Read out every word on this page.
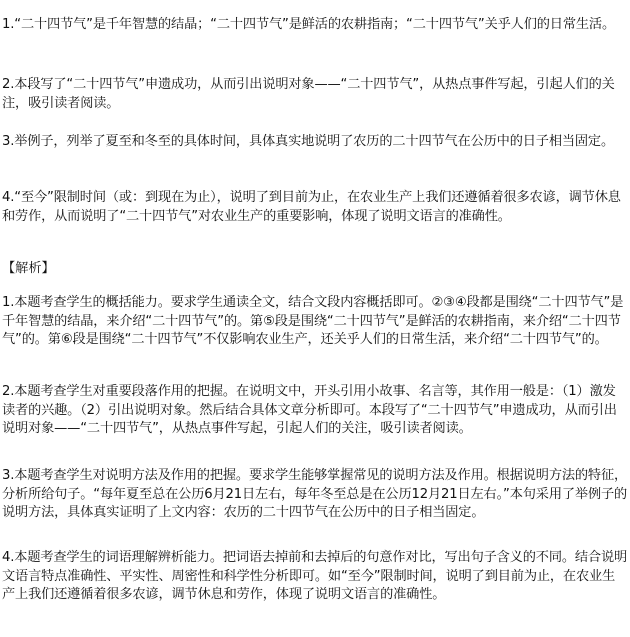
1.“二十四节气”是千年智慧的结晶；“二十四节气”是鲜活的农耕指南；“二十四节气”关乎人们的日常生活。

2.本段写了“二十四节气”申遗成功，从而引出说明对象——“二十四节气”，从热点事件写起，引起人们的关注，吸引读者阅读。

3.举例子，列举了夏至和冬至的具体时间，具体真实地说明了农历的二十四节气在公历中的日子相当固定。

4.“至今”限制时间（或：到现在为止），说明了到目前为止，在农业生产上我们还遵循着很多农谚，调节休息和劳作，从而说明了“二十四节气”对农业生产的重要影响，体现了说明文语言的准确性。

【解析】

1.本题考查学生的概括能力。要求学生通读全文，结合文段内容概括即可。②③④段都是围绕“二十四节气”是千年智慧的结晶，来介绍“二十四节气”的。第⑤段是围绕“二十四节气”是鲜活的农耕指南，来介绍“二十四节气”的。第⑥段是围绕“二十四节气”不仅影响农业生产，还关乎人们的日常生活，来介绍“二十四节气”的。

2.本题考查学生对重要段落作用的把握。在说明文中，开头引用小故事、名言等，其作用一般是：（1）激发读者的兴趣。（2）引出说明对象。然后结合具体文章分析即可。本段写了“二十四节气”申遗成功，从而引出说明对象——“二十四节气”，从热点事件写起，引起人们的关注，吸引读者阅读。

3.本题考查学生对说明方法及作用的把握。要求学生能够掌握常见的说明方法及作用。根据说明方法的特征，分析所给句子。“每年夏至总在公历6月21日左右，每年冬至总是在公历12月21日左右。”本句采用了举例子的说明方法，具体真实证明了上文内容：农历的二十四节气在公历中的日子相当固定。

4.本题考查学生的词语理解辨析能力。把词语去掉前和去掉后的句意作对比，写出句子含义的不同。结合说明文语言特点准确性、平实性、周密性和科学性分析即可。如“至今”限制时间，说明了到目前为止，在农业生产上我们还遵循着很多农谚，调节休息和劳作，体现了说明文语言的准确性。
